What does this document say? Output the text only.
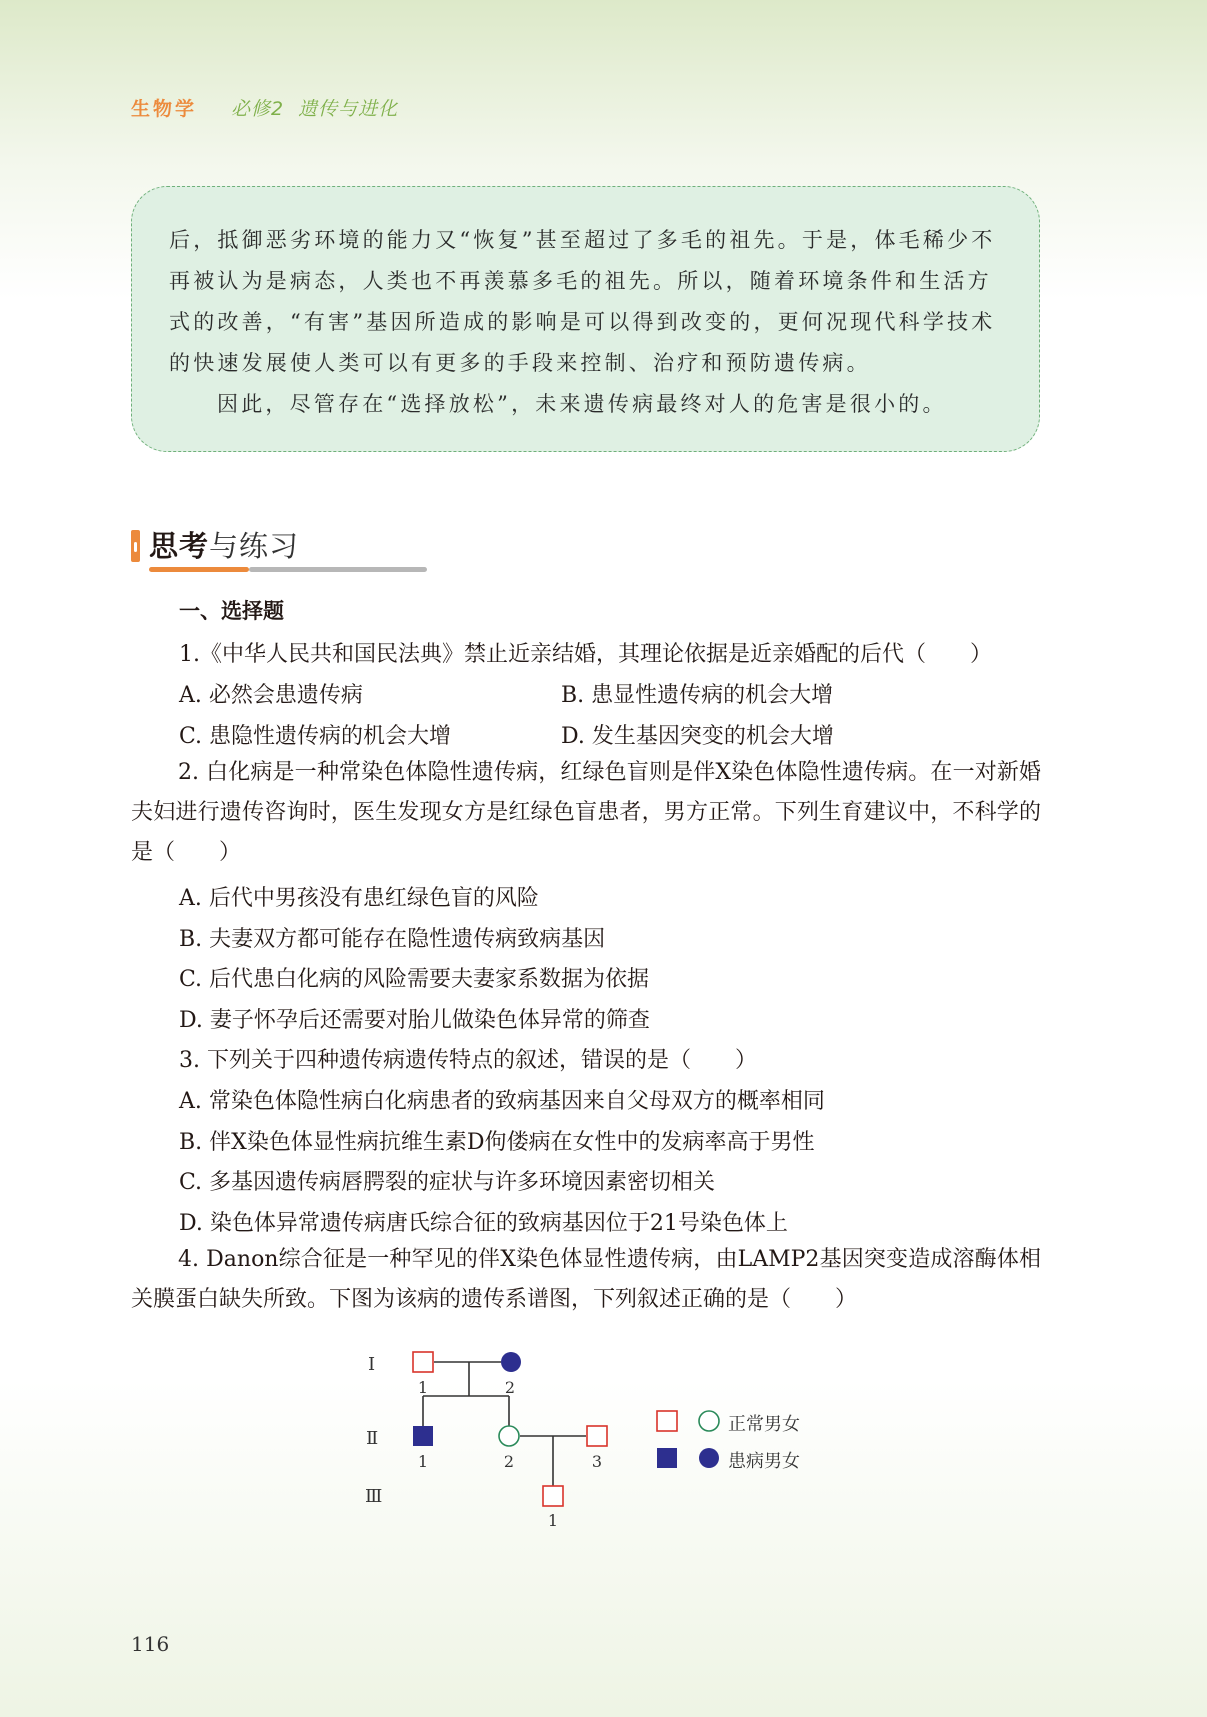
生物学 必修2 遗传与进化

后，抵御恶劣环境的能力又“恢复”甚至超过了多毛的祖先。于是，体毛稀少不再被认为是病态，人类也不再羡慕多毛的祖先。所以，随着环境条件和生活方式的改善，“有害”基因所造成的影响是可以得到改变的，更何况现代科学技术的快速发展使人类可以有更多的手段来控制、治疗和预防遗传病。

因此，尽管存在“选择放松”，未来遗传病最终对人的危害是很小的。

思考与练习
一、选择题
1.《中华人民共和国民法典》禁止近亲结婚，其理论依据是近亲婚配的后代（　　）
A. 必然会患遗传病	B. 患显性遗传病的机会大增
C. 患隐性遗传病的机会大增	D. 发生基因突变的机会大增

2. 白化病是一种常染色体隐性遗传病，红绿色盲则是伴X染色体隐性遗传病。在一对新婚夫妇进行遗传咨询时，医生发现女方是红绿色盲患者，男方正常。下列生育建议中，不科学的是（　　）

A. 后代中男孩没有患红绿色盲的风险
B. 夫妻双方都可能存在隐性遗传病致病基因
C. 后代患白化病的风险需要夫妻家系数据为依据
D. 妻子怀孕后还需要对胎儿做染色体异常的筛查
3. 下列关于四种遗传病遗传特点的叙述，错误的是（　　）
A. 常染色体隐性病白化病患者的致病基因来自父母双方的概率相同
B. 伴X染色体显性病抗维生素D佝偻病在女性中的发病率高于男性
C. 多基因遗传病唇腭裂的症状与许多环境因素密切相关
D. 染色体异常遗传病唐氏综合征的致病基因位于21号染色体上

4. Danon综合征是一种罕见的伴X染色体显性遗传病，由LAMP2基因突变造成溶酶体相关膜蛋白缺失所致。下图为该病的遗传系谱图，下列叙述正确的是（　　）

Ⅰ
Ⅱ
Ⅲ
1	2
1	2	3
1
正常男女
患病男女
116
